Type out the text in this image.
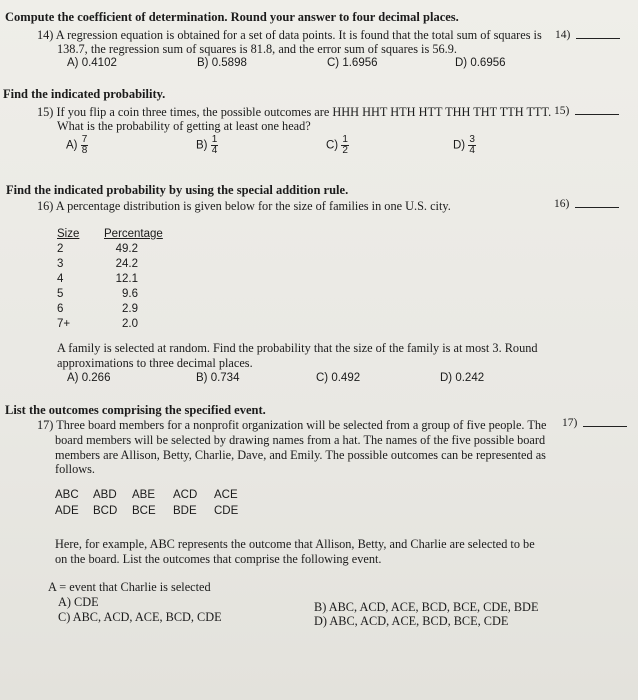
Compute the coefficient of determination. Round your answer to four decimal places.
14) A regression equation is obtained for a set of data points. It is found that the total sum of squares is
138.7, the regression sum of squares is 81.8, and the error sum of squares is 56.9.
A) 0.4102	B) 0.5898	C) 1.6956	D) 0.6956
14)
Find the indicated probability.
15) If you flip a coin three times, the possible outcomes are HHH HHT HTH HTT THH THT TTH TTT.
What is the probability of getting at least one head?
$A) \frac{7}{8}$	$B) \frac{1}{4}$	$C) \frac{1}{2}$	$D) \frac{3}{4}$
15)
Find the indicated probability by using the special addition rule.
16) A percentage distribution is given below for the size of families in one U.S. city.	16)
Size Percentage
2	49.2
3	24.2
4	12.1
5	9.6
6	2.9
7+	2.0
A family is selected at random. Find the probability that the size of the family is at most 3. Round
approximations to three decimal places.
A) 0.266	B) 0.734	C) 0.492	D) 0.242
List the outcomes comprising the specified event.
17) Three board members for a nonprofit organization will be selected from a group of five people. The
board members will be selected by drawing names from a hat. The names of the five possible board
members are Allison, Betty, Charlie, Dave, and Emily. The possible outcomes can be represented as
follows.
17)
ABC ABD ABE ACD ACE
ADE BCD BCE BDE CDE
Here, for example, ABC represents the outcome that Allison, Betty, and Charlie are selected to be
on the board. List the outcomes that comprise the following event.
A = event that Charlie is selected
A) CDE
C) ABC, ACD, ACE, BCD, CDE
B) ABC, ACD, ACE, BCD, BCE, CDE, BDE
D) ABC, ACD, ACE, BCD, BCE, CDE
